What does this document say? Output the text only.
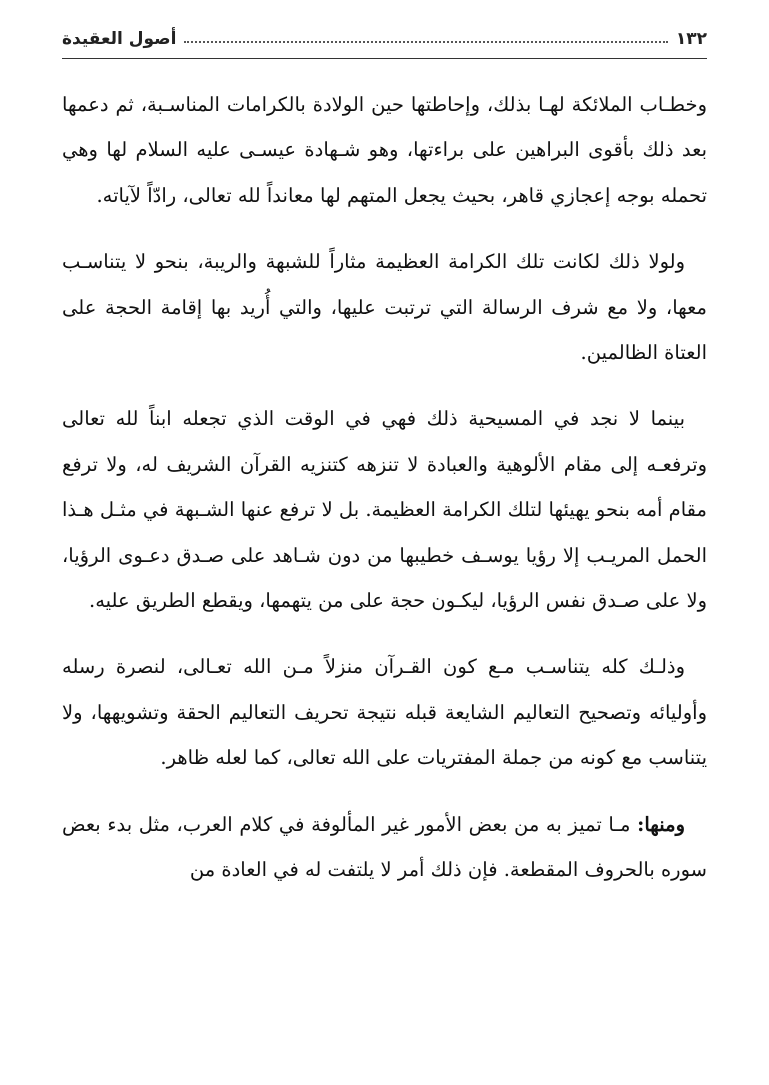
١٣٢
أصول العقيدة

وخطـاب الملائكة لهـا بذلك، وإحاطتها حين الولادة بالكرامات المناسـبة، ثم دعمها بعد ذلك بأقوى البراهين على براءتها، وهو شـهادة عيسـى عليه السلام لها وهي تحمله بوجه إعجازي قاهر، بحيث يجعل المتهم لها معانداً لله تعالى، رادّاً لآياته.

ولولا ذلك لكانت تلك الكرامة العظيمة مثاراً للشبهة والريبة، بنحو لا يتناسـب معها، ولا مع شرف الرسالة التي ترتبت عليها، والتي أُريد بها إقامة الحجة على العتاة الظالمين.

بينما لا نجد في المسيحية ذلك فهي في الوقت الذي تجعله ابناً لله تعالى وترفعـه إلى مقام الألوهية والعبادة لا تنزهه كتنزيه القرآن الشريف له، ولا ترفع مقام أمه بنحو يهيئها لتلك الكرامة العظيمة. بل لا ترفع عنها الشـبهة في مثـل هـذا الحمل المريـب إلا رؤيا يوسـف خطيبها من دون شـاهد على صـدق دعـوى الرؤيا، ولا على صـدق نفس الرؤيا، ليكـون حجة على من يتهمها، ويقطع الطريق عليه.

وذلـك كله يتناسـب مـع كون القـرآن منزلاً مـن الله تعـالى، لنصرة رسله وأوليائه وتصحيح التعاليم الشايعة قبله نتيجة تحريف التعاليم الحقة وتشويهها، ولا يتناسب مع كونه من جملة المفتريات على الله تعالى، كما لعله ظاهر.

ومنها: مـا تميز به من بعض الأمور غير المألوفة في كلام العرب، مثل بدء بعض سوره بالحروف المقطعة. فإن ذلك أمر لا يلتفت له في العادة من
